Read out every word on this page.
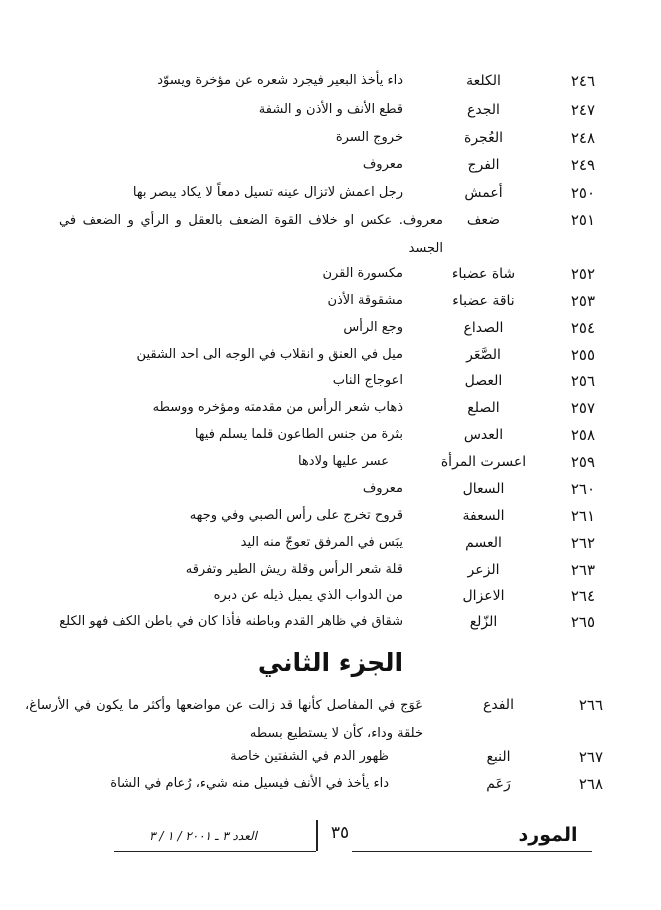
٢٤٦
الكلعة
داء يأخذ البعير فيجرد شعره عن مؤخرة ويسوّد
٢٤٧
الجدع
قطع الأنف و الأذن و الشفة
٢٤٨
العُجرة
خروج السرة
٢٤٩
الفرج
معروف
٢٥٠
أعمش
رجل اعمش لاتزال عينه تسيل دمعاً لا يكاد يبصر بها
٢٥١
ضعف
معروف. عكس او خلاف القوة الضعف بالعقل و الرأي و الضعف في الجسد
٢٥٢
شاة عضباء
مكسورة القرن
٢٥٣
ناقة عضباء
مشقوقة الأذن
٢٥٤
الصداع
وجع الرأس
٢٥٥
الصَّعَر
ميل في العنق و انقلاب في الوجه الى احد الشقين
٢٥٦
العصل
اعوجاج الناب
٢٥٧
الصلع
ذهاب شعر الرأس من مقدمته ومؤخره ووسطه
٢٥٨
العدس
بثرة من جنس الطاعون قلما يسلم فيها
٢٥٩
اعسرت المرأة
عسر عليها ولادها
٢٦٠
السعال
معروف
٢٦١
السعفة
قروح تخرج على رأس الصبي وفي وجهه
٢٦٢
العسم
يبَس في المرفق تعوجّ منه اليد
٢٦٣
الزعر
قلة شعر الرأس وقلة ريش الطير وتفرقه
٢٦٤
الاعزال
من الدواب الذي يميل ذيله عن دبره
٢٦٥
الزّلع
شقاق في ظاهر القدم وباطنه فأذا كان في باطن الكف فهو الكلع
الجزء الثاني
٢٦٦
الفدع
عَوَج في المفاصل كأنها قد زالت عن مواضعها وأكثر ما يكون في الأرساغ، خلقة وداء، كأن لا يستطيع بسطه
٢٦٧
النبع
ظهور الدم في الشفتين خاصة
٢٦٨
رَعَم
داء يأخذ في الأنف فيسيل منه شيء، رُعام في الشاة
٣٥
العدد ٣ ـ ٢٠٠١ / ١ / ٣	المورد
